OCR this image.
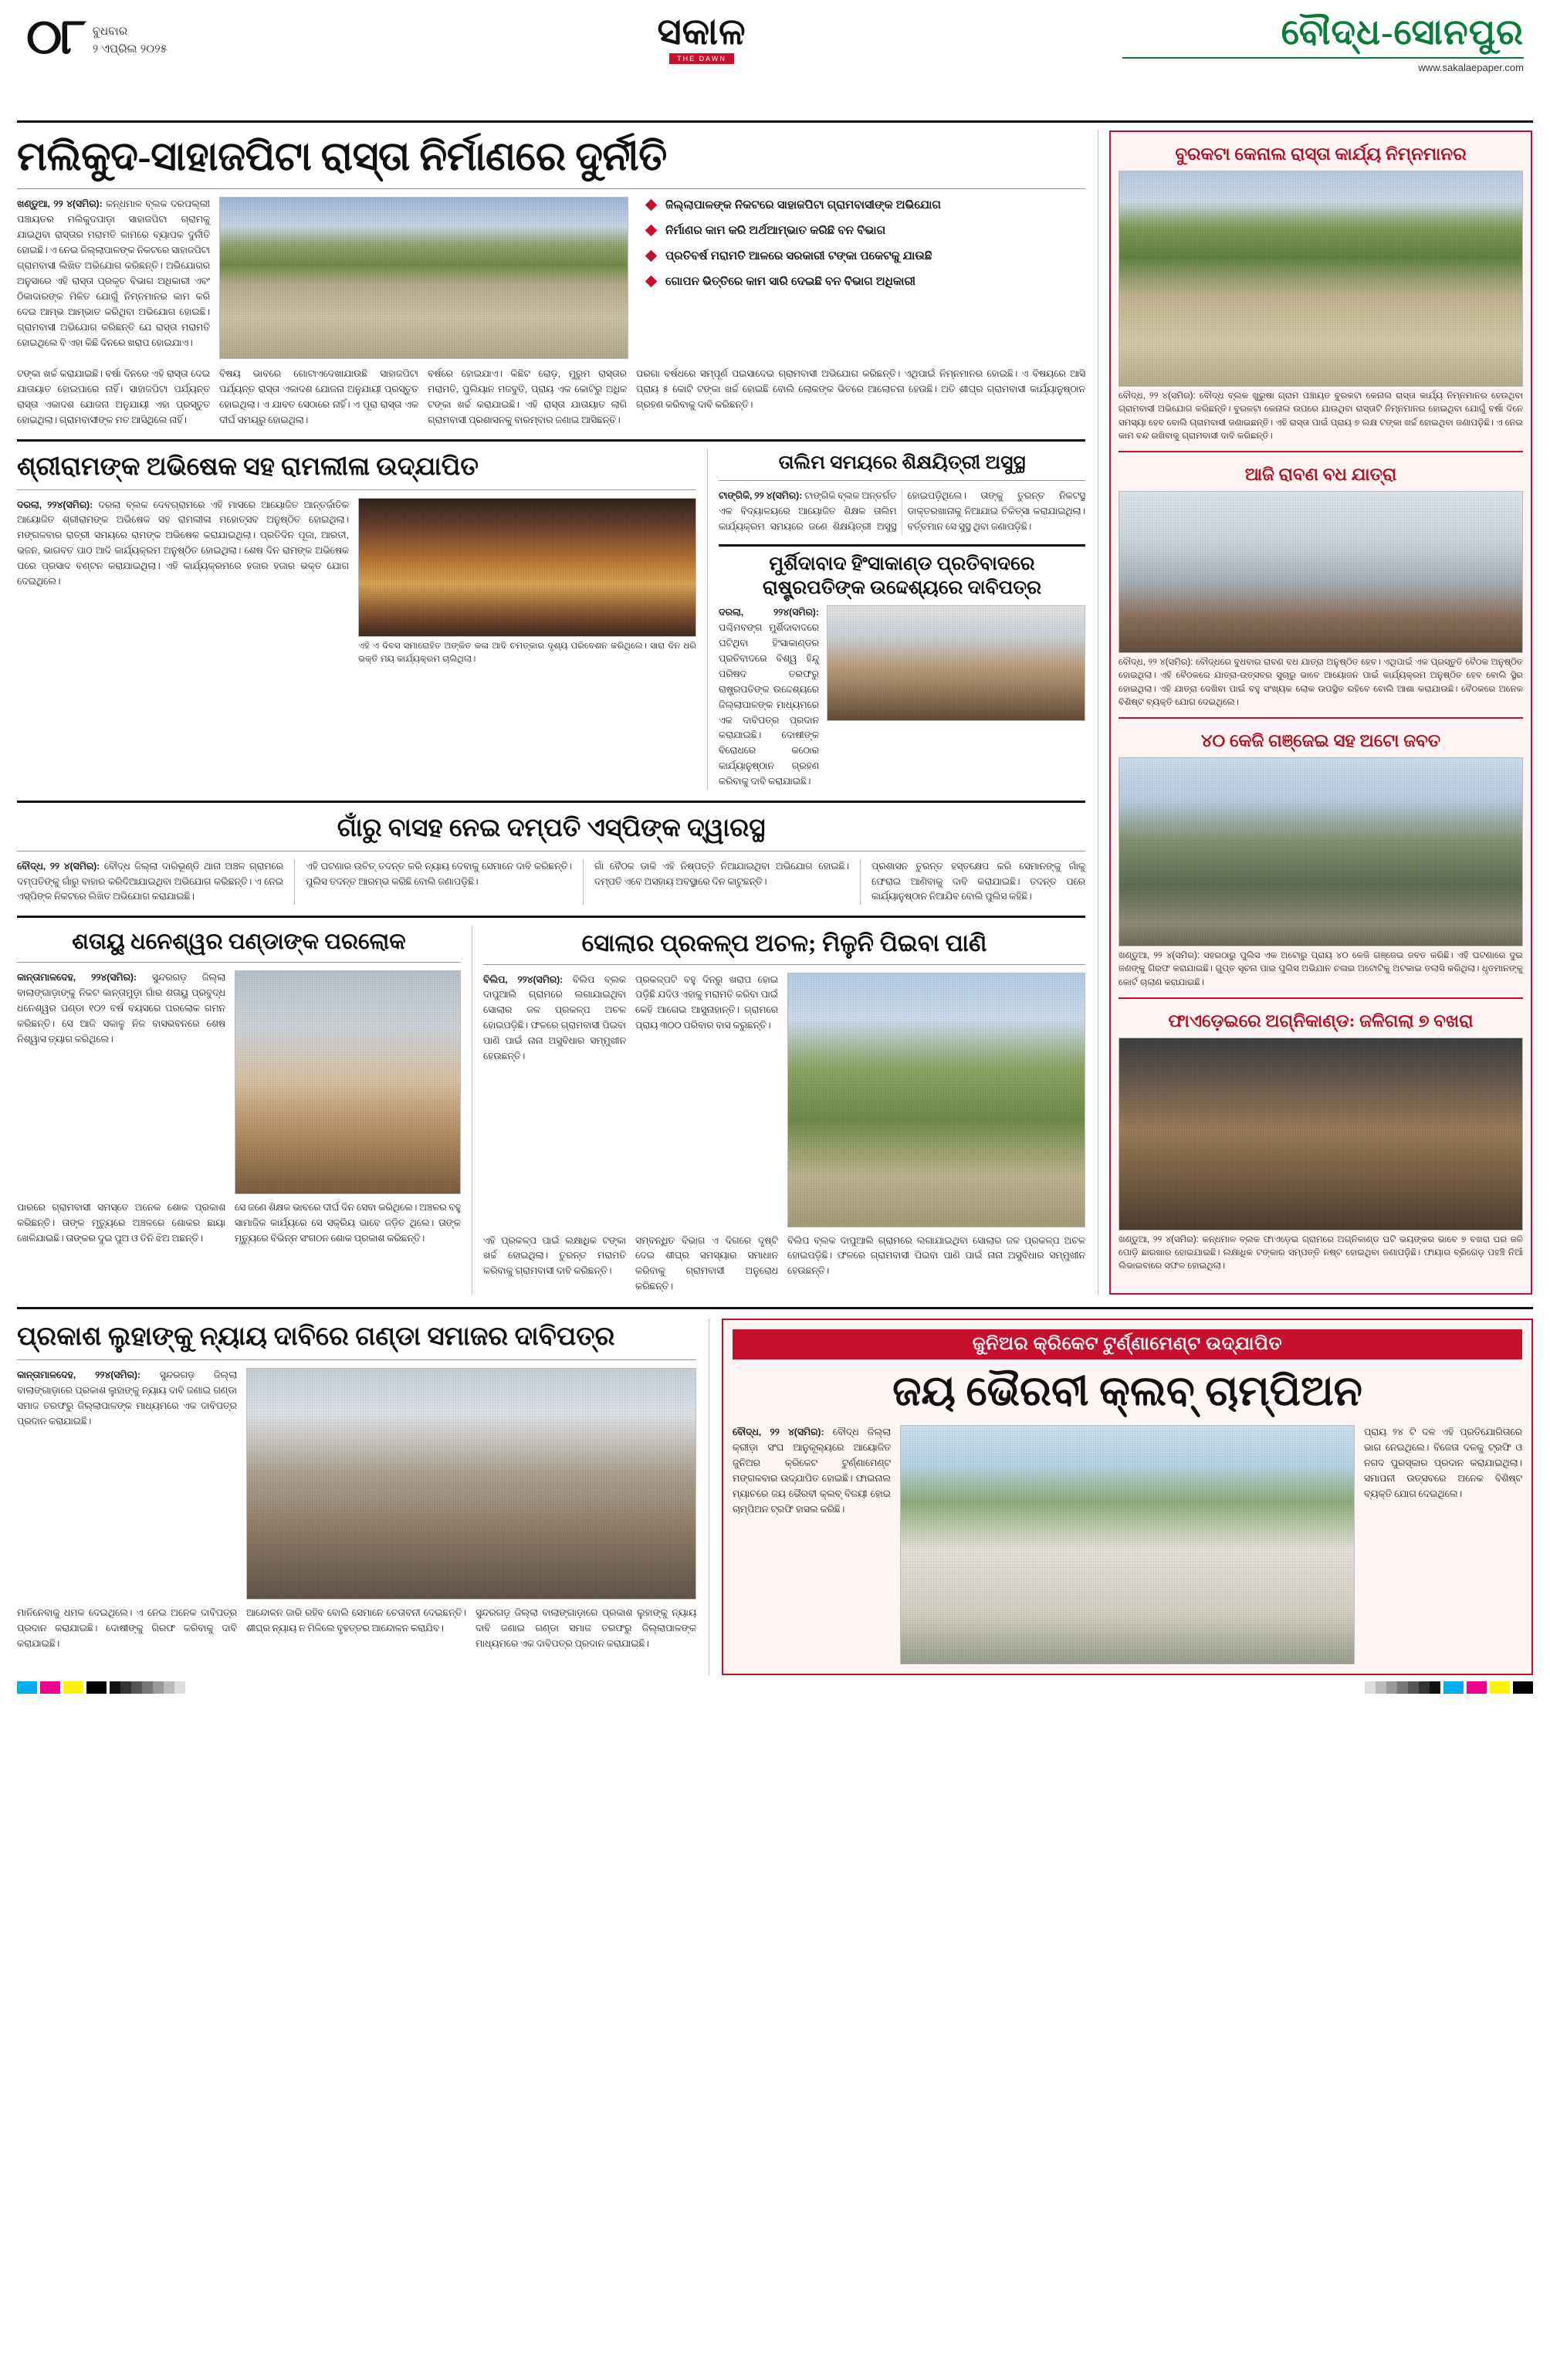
୦୮ ବୁଧବାର
୨ ଏପ୍ରିଲ ୨୦୨୫	ସକାଳ
THE DAWN
ବୌଦ୍ଧ-ସୋନପୁର
www.sakalaepaper.com
ମଲିକୁଦ-ସାହାଜପିଟା ରାସ୍ତା ନିର୍ମାଣରେ ଦୁର୍ନୀତି
ଖଣ୍ଡୁଆ, ୨୨ ୪(ସମିର): କନ୍ଧମାଳ ବ୍ଲକ ଦରପଲ୍ଲୀ ପଞ୍ଚାୟତର ମଲିକୁଦପାଡ଼ା ସାହାଜପିଟା ଗ୍ରାମକୁ ଯାଇଥିବା ରାସ୍ତାର ମରାମତି କାମରେ ବ୍ୟାପକ ଦୁର୍ନୀତି ହୋଇଛି। ଏ ନେଇ ଜିଲ୍ଲାପାଳଙ୍କ ନିକଟରେ ସାହାଜପିଟା ଗ୍ରାମବାସୀ ଲିଖିତ ଅଭିଯୋଗ କରିଛନ୍ତି। ଅଭିଯୋଗର ଅନୁସାରେ ଏହି ରାସ୍ତା ପ୍ରକୃତ ବିଭାଗ ଅଧିକାରୀ ଏବଂ ଠିକାଦାରଙ୍କ ମିଳିତ ଯୋଗୁଁ ନିମ୍ନମାନର କାମ କରି ଦେଇ ଆମ୍ଭ ଆମ୍ଭାତ କରିଥିବା ଅଭିଯୋଗ ହୋଇଛି। ଗ୍ରାମବାସୀ ଅଭିଯୋଗ କରିଛନ୍ତି ଯେ ରାସ୍ତା ମରାମତି ହୋଇଥିଲେ ବି ଏହା କିଛି ଦିନରେ ଖରାପ ହୋଇଯାଏ।
ଜିଲ୍ଲାପାଳଙ୍କ ନିକଟରେ ସାହାଜପିଟା ଗ୍ରାମବାସୀଙ୍କ ଅଭିଯୋଗ
ନିର୍ମାଣର କାମ କରି ଅର୍ଥଆମ୍ଭାତ କରିଛି ବନ ବିଭାଗ
ପ୍ରତିବର୍ଷ ମରାମତି ଆଳରେ ସରକାରୀ ଟଙ୍କା ପକେଟକୁ ଯାଉଛି
ଗୋପନ ଭିତ୍ତିରେ କାମ ସାରି ଦେଇଛି ବନ ବିଭାଗ ଅଧିକାରୀ
ଟଙ୍କା ଖର୍ଚ୍ଚ କରାଯାଇଛି। ବର୍ଷା ଦିନରେ ଏହି ରାସ୍ତା ଦେଇ ଯାତାୟାତ ହୋଇପାରେ ନାହିଁ। ସାହାଜପିଟା ପର୍ଯ୍ୟନ୍ତ ରାସ୍ତା ଏକାଦଶ ଯୋଜନା ଅନୁଯାୟୀ ଏହା ପ୍ରସ୍ତୁତ ହୋଇଥିଲା। ଗ୍ରାମବାସୀଙ୍କ ମତ ଆସିଥିଲେ ନାହିଁ।
ବିଷୟ ଭାବରେ ଗୋଟାଏଦେଖାଯାଉଛି ସାହାଜପିଟା ପର୍ଯ୍ୟନ୍ତ ରାସ୍ତା ଏକାଦଶ ଯୋଜନା ଅନୁଯାୟୀ ପ୍ରସ୍ତୁତ ହୋଇଥିଲା। ଏ ଯାବତ ସେଠାରେ ନାହିଁ। ଏ ପୂରା ରାସ୍ତା ଏକ ଦୀର୍ଘ ସମୟରୁ ହୋଇଥିଲା।
ବର୍ଷରେ ହୋଇଯାଏ। କିଛିଟ ରୋଡ଼, ମୁରୁମ ରାସ୍ତାର ମରାମତି, ପୁଲିୟାନ ମଜବୁତି, ପ୍ରାୟ ଏକ କୋଟିରୁ ଅଧିକ ଟଙ୍କା ଖର୍ଚ୍ଚ କରାଯାଇଛି। ଏହି ରାସ୍ତା ଯାତାୟାତ ଲାଗି ଗ୍ରାମବାସୀ ପ୍ରଶାସନକୁ ବାରମ୍ବାର ଜଣାଇ ଆସିଛନ୍ତି।
ପରଗା ବର୍ଷଧରେ ସମ୍ପୂର୍ଣ ପଇସାଦେଇ ଗ୍ରାମବାସୀ ଅଭିଯୋଗ କରିଛନ୍ତି। ଏଥିପାଇଁ ନିମ୍ନମାନର ହୋଇଛି। ଏ ବିଷୟରେ ଆସି ପ୍ରାୟ ୫ କୋଟି ଟଙ୍କା ଖର୍ଚ୍ଚ ହୋଇଛି ବୋଲି ଲୋକଙ୍କ ଭିତରେ ଆଲୋଚନା ହେଉଛି। ଅତି ଶୀଘ୍ର ଗ୍ରାମବାସୀ କାର୍ଯ୍ୟାନୁଷ୍ଠାନ ଗ୍ରହଣ କରିବାକୁ ଦାବି କରିଛନ୍ତି।
ଶ୍ରୀରାମଙ୍କ ଅଭିଷେକ ସହ ରାମଲୀଳା ଉଦ୍‌ଯାପିତ
ଦରଲା, ୨୨୪(ସମିର): ଦରଲା ବ୍ଲକ ଦେବଗ୍ରାମରେ ଏହି ମାସରେ ଆୟୋଜିତ ଆନ୍ତର୍ଜାତିକ ଆୟୋଜିତ ଶ୍ରୀରାମଙ୍କ ଅଭିଷେକ ସହ ରାମଲୀଳା ମହୋତ୍ସବ ଅନୁଷ୍ଠିତ ହୋଇଥିଲା। ମଙ୍ଗଳବାର ରାତ୍ରୀ ସମୟରେ ରାମଙ୍କ ଅଭିଷେକ କରାଯାଇଥିଲା। ପ୍ରତିଦିନ ପୂଜା, ଆରତୀ, ଭଜନ, ଭାଗବତ ପାଠ ଆଦି କାର୍ଯ୍ୟକ୍ରମ ଅନୁଷ୍ଠିତ ହୋଇଥିଲା। ଶେଷ ଦିନ ରାମଙ୍କ ଅଭିଷେକ ପରେ ପ୍ରସାଦ ବଣ୍ଟନ କରାଯାଇଥିଲା। ଏହି କାର୍ଯ୍ୟକ୍ରମରେ ହଜାର ହଜାର ଭକ୍ତ ଯୋଗ ଦେଇଥିଲେ।
ଏହି ଏ ଦିବସ ସମାରୋହିତ ଅଙ୍କିତ କଳା ଆଦି ଚମତ୍କାର ଦୃଶ୍ୟ ପରିବେଶନ କରିଥିଲେ। ସାରା ଦିନ ଧରି ଭକ୍ତି ମୟ କାର୍ଯ୍ୟକ୍ରମ ଚାଲିଥିଲା।
ତାଲିମ ସମୟରେ ଶିକ୍ଷୟିତ୍ରୀ ଅସୁସ୍ଥ
ଟାଙ୍ଗିକି, ୨୨ ୪(ସମିର): ଟାଙ୍ଗିକି ବ୍ଲକ ଅନ୍ତର୍ଗତ ଏକ ବିଦ୍ୟାଳୟରେ ଆୟୋଜିତ ଶିକ୍ଷକ ତାଲିମ କାର୍ଯ୍ୟକ୍ରମ ସମୟରେ ଜଣେ ଶିକ୍ଷୟିତ୍ରୀ ଅସୁସ୍ଥ ହୋଇପଡ଼ିଥିଲେ। ତାଙ୍କୁ ତୁରନ୍ତ ନିକଟସ୍ଥ ଡାକ୍ତରଖାନାକୁ ନିଆଯାଇ ଚିକିତ୍ସା କରାଯାଇଥିଲା। ବର୍ତ୍ତମାନ ସେ ସୁସ୍ଥ ଥିବା ଜଣାପଡ଼ିଛି।
ମୁର୍ଶିଦାବାଦ ହିଂସାକାଣ୍ଡ ପ୍ରତିବାଦରେ ରାଷ୍ଟ୍ରପତିଙ୍କ ଉଦ୍ଦେଶ୍ୟରେ ଦାବିପତ୍ର
ଦରଲା, ୨୨୪(ସମିର): ପଶ୍ଚିମବଙ୍ଗ ମୁର୍ଶିଦାବାଦରେ ଘଟିଥିବା ହିଂସାକାଣ୍ଡର ପ୍ରତିବାଦରେ ବିଶ୍ୱ ହିନ୍ଦୁ ପରିଷଦ ତରଫରୁ ରାଷ୍ଟ୍ରପତିଙ୍କ ଉଦ୍ଦେଶ୍ୟରେ ଜିଲ୍ଲାପାଳଙ୍କ ମାଧ୍ୟମରେ ଏକ ଦାବିପତ୍ର ପ୍ରଦାନ କରାଯାଇଛି। ଦୋଷୀଙ୍କ ବିରୋଧରେ କଠୋର କାର୍ଯ୍ୟାନୁଷ୍ଠାନ ଗ୍ରହଣ କରିବାକୁ ଦାବି କରାଯାଇଛି।
ଗାଁରୁ ବାସହ ନେଇ ଦମ୍ପତି ଏସ୍‌ପିଙ୍କ ଦ୍ୱାରସ୍ଥ
ବୌଦ୍ଧ, ୨୨ ୪(ସମିର): ବୌଦ୍ଧ ଜିଲ୍ଲା ଦାରିଭୂଣ୍ଡି ଥାନା ଅଞ୍ଚଳ ଗ୍ରାମରେ ଦମ୍ପତିଙ୍କୁ ଗାଁରୁ ବାହାର କରିଦିଆଯାଇଥିବା ଅଭିଯୋଗ କରିଛନ୍ତି। ଏ ନେଇ ଏସ୍‌ପିଙ୍କ ନିକଟରେ ଲିଖିତ ଅଭିଯୋଗ କରାଯାଇଛି।
ଏହି ଘଟଣାର ଉଚିତ୍ ତଦନ୍ତ କରି ନ୍ୟାୟ ଦେବାକୁ ସେମାନେ ଦାବି କରିଛନ୍ତି। ପୁଲିସ ତଦନ୍ତ ଆରମ୍ଭ କରିଛି ବୋଲି ଜଣାପଡ଼ିଛି।
ଗାଁ ବୈଠକ ଡାକି ଏହି ନିଷ୍ପତ୍ତି ନିଆଯାଇଥିବା ଅଭିଯୋଗ ହୋଇଛି। ଦମ୍ପତି ଏବେ ଅସହାୟ ଅବସ୍ଥାରେ ଦିନ କାଟୁଛନ୍ତି।
ପ୍ରଶାସନ ତୁରନ୍ତ ହସ୍ତକ୍ଷେପ କରି ସେମାନଙ୍କୁ ଗାଁକୁ ଫେରାଇ ଆଣିବାକୁ ଦାବି କରାଯାଇଛି। ତଦନ୍ତ ପରେ କାର୍ଯ୍ୟାନୁଷ୍ଠାନ ନିଆଯିବ ବୋଲି ପୁଲିସ କହିଛି।
ଶତାୟୁ ଧନେଶ୍ୱର ପଣ୍ଡାଙ୍କ ପରଲୋକ
କାନ୍ତାମାଳଦେହ, ୨୨୪(ସମିର): ସୁନ୍ଦରଗଡ଼ ଜିଲ୍ଲା ବାଲାଙ୍ଗାଡ଼ାଙ୍କୁ ନିକଟ କାନ୍ତାମୁଡ଼ା ଗାଁର ଶତାୟୁ ପ୍ରବୁଦ୍ଧ ଧନେଶ୍ୱର ପଣ୍ଡା ୧୦୨ ବର୍ଷ ବୟସରେ ପରଲୋକ ଗମନ କରିଛନ୍ତି। ସେ ଆଜି ସକାଳୁ ନିଜ ବାସଭବନରେ ଶେଷ ନିଶ୍ୱାସ ତ୍ୟାଗ କରିଥିଲେ।
ପାରରେ ଗ୍ରାମବାସୀ ସମସ୍ତେ ଅନେକ ଶୋକ ପ୍ରକାଶ କରିଛନ୍ତି। ତାଙ୍କ ମୃତ୍ୟୁରେ ଅଞ୍ଚଳରେ ଶୋକର ଛାୟା ଖେଳିଯାଇଛି। ତାଙ୍କର ଦୁଇ ପୁଅ ଓ ତିନି ଝିଅ ଅଛନ୍ତି।
ସେ ଜଣେ ଶିକ୍ଷକ ଭାବରେ ଦୀର୍ଘ ଦିନ ସେବା କରିଥିଲେ। ଅଞ୍ଚଳର ବହୁ ସାମାଜିକ କାର୍ଯ୍ୟରେ ସେ ସକ୍ରିୟ ଭାବେ ଜଡ଼ିତ ଥିଲେ। ତାଙ୍କ ମୃତ୍ୟୁରେ ବିଭିନ୍ନ ସଂଗଠନ ଶୋକ ପ୍ରକାଶ କରିଛନ୍ତି।
ସୋଲାର ପ୍ରକଳ୍ପ ଅଚଳ; ମିଳୁନି ପିଇବା ପାଣି
ବିଲିପ, ୨୨୪(ସମିର): ବିଲିପ ବ୍ଲକ ଦାପୁଆଲି ଗ୍ରାମରେ ଲଗାଯାଇଥିବା ସୋଲାର ଜଳ ପ୍ରକଳ୍ପ ଅଚଳ ହୋଇପଡ଼ିଛି। ଫଳରେ ଗ୍ରାମବାସୀ ପିଇବା ପାଣି ପାଇଁ ନାନା ଅସୁବିଧାର ସମ୍ମୁଖୀନ ହେଉଛନ୍ତି।
ପ୍ରକଳ୍ପଟି ବହୁ ଦିନରୁ ଖରାପ ହୋଇ ପଡ଼ିଛି ଯଦିଓ ଏହାକୁ ମରାମତି କରିବା ପାଇଁ କେହି ଆଗେଇ ଆସୁନାହାନ୍ତି। ଗ୍ରାମରେ ପ୍ରାୟ ୩୦୦ ପରିବାର ବାସ କରୁଛନ୍ତି।
ଏହି ପ୍ରକଳ୍ପ ପାଇଁ ଲକ୍ଷାଧିକ ଟଙ୍କା ଖର୍ଚ୍ଚ ହୋଇଥିଲା। ତୁରନ୍ତ ମରାମତି କରିବାକୁ ଗ୍ରାମବାସୀ ଦାବି କରିଛନ୍ତି।
ସମ୍ବନ୍ଧିତ ବିଭାଗ ଏ ଦିଗରେ ଦୃଷ୍ଟି ଦେଇ ଶୀଘ୍ର ସମସ୍ୟାର ସମାଧାନ କରିବାକୁ ଗ୍ରାମବାସୀ ଅନୁରୋଧ କରିଛନ୍ତି।
ବିଲିପ ବ୍ଲକ ଦାପୁଆଲି ଗ୍ରାମରେ ଲଗାଯାଇଥିବା ସୋଲାର ଜଳ ପ୍ରକଳ୍ପ ଅଚଳ ହୋଇପଡ଼ିଛି। ଫଳରେ ଗ୍ରାମବାସୀ ପିଇବା ପାଣି ପାଇଁ ନାନା ଅସୁବିଧାର ସମ୍ମୁଖୀନ ହେଉଛନ୍ତି।
ବୁରକଟା କେନାଲ ରାସ୍ତା କାର୍ଯ୍ୟ ନିମ୍ନମାନର
ବୌଦ୍ଧ, ୨୨ ୪(ସମିର): ବୌଦ୍ଧ ବ୍ଲକ ଖୁରୁଷା ଗ୍ରାମ ପଞ୍ଚାୟତ ବୁରକଟା କେନାଲ ରାସ୍ତା କାର୍ଯ୍ୟ ନିମ୍ନମାନର ହେଉଥିବା ଗ୍ରାମବାସୀ ଅଭିଯୋଗ କରିଛନ୍ତି। ବୁରକଟା କେନାଲ ଉପରେ ଯାଉଥିବା ରାସ୍ତାଟି ନିମ୍ନମାନର ହୋଇଥିବା ଯୋଗୁଁ ବର୍ଷା ଦିନେ ସମସ୍ୟା ହେବ ବୋଲି ଗ୍ରାମବାସୀ ଜଣାଇଛନ୍ତି। ଏହି ରାସ୍ତା ପାଇଁ ପ୍ରାୟ ୭ ଲକ୍ଷ ଟଙ୍କା ଖର୍ଚ୍ଚ ହୋଇଥିବା ଜଣାପଡ଼ିଛି। ଏ ନେଇ କାମ ବନ୍ଦ ରଖିବାକୁ ଗ୍ରାମବାସୀ ଦାବି କରିଛନ୍ତି।
ଆଜି ରାବଣ ବଧ ଯାତ୍ରା
ବୌଦ୍ଧ, ୨୨ ୪(ସମିର): ବୌଦ୍ଧରେ ବୁଧବାର ରାବଣ ବଧ ଯାତ୍ରା ଅନୁଷ୍ଠିତ ହେବ। ଏଥିପାଇଁ ଏକ ପ୍ରସ୍ତୁତି ବୈଠକ ଅନୁଷ୍ଠିତ ହୋଇଥିଲା। ଏହି ବୈଠକରେ ଯାତ୍ରା-ଉତ୍ସବର ସୁଚାରୁ ଭାବେ ଆୟୋଜନ ପାଇଁ କାର୍ଯ୍ୟକ୍ରମ ଅନୁଷ୍ଠିତ ହେବ ବୋଲି ସ୍ଥିର ହୋଇଥିଲା। ଏହି ଯାତ୍ରା ଦେଖିବା ପାଇଁ ବହୁ ସଂଖ୍ୟକ ଲୋକ ଉପସ୍ଥିତ ରହିବେ ବୋଲି ଆଶା କରାଯାଉଛି। ବୈଠକରେ ଅନେକ ବିଶିଷ୍ଟ ବ୍ୟକ୍ତି ଯୋଗ ଦେଇଥିଲେ।
୪୦ କେଜି ଗଞ୍ଜେଇ ସହ ଅଟୋ ଜବତ
ଖଣ୍ଡୁଆ, ୨୨ ୪(ସମିର): ସହରଠାରୁ ପୁଲିସ ଏକ ଅଟୋରୁ ପ୍ରାୟ ୪୦ କେଜି ଗଞ୍ଜେଇ ଜବତ କରିଛି। ଏହି ଘଟଣାରେ ଦୁଇ ଜଣଙ୍କୁ ଗିରଫ କରାଯାଇଛି। ଗୁପ୍ତ ସୂଚନା ପାଇ ପୁଲିସ ଅଭିଯାନ ଚଳାଇ ଅଟୋଟିକୁ ଅଟକାଇ ତଲାସି କରିଥିଲା। ଧୃତମାନଙ୍କୁ କୋର୍ଟ ଚାଲାଣ କରାଯାଇଛି।
ଫାଏଡ଼େଇରେ ଅଗ୍ନିକାଣ୍ଡ: ଜଳିଗଲା ୭ ବଖରା
ଖଣ୍ଡୁଆ, ୨୨ ୪(ସମିର): କନ୍ଧମାଳ ବ୍ଲକ ଫାଏଡ଼େଇ ଗ୍ରାମରେ ଅଗ୍ନିକାଣ୍ଡ ଘଟି ଭୟଙ୍କର ଭାବେ ୭ ବଖରା ଘର ଜଳି ପୋଡ଼ି ଛାରଖାର ହୋଇଯାଇଛି। ଲକ୍ଷାଧିକ ଟଙ୍କାର ସମ୍ପତ୍ତି ନଷ୍ଟ ହୋଇଥିବା ଜଣାପଡ଼ିଛି। ଫାୟାର ବ୍ରିଗେଡ଼ ପହଞ୍ଚି ନିଆଁ ଲିଭାଇବାରେ ସଫଳ ହୋଇଥିଲା।
ପ୍ରକାଶ ଲୁହାଙ୍କୁ ନ୍ୟାୟ ଦାବିରେ ଗଣ୍ଡା ସମାଜର ଦାବିପତ୍ର
କାନ୍ତାମାଳଦେହ, ୨୨୪(ସମିର): ସୁନ୍ଦରଗଡ଼ ଜିଲ୍ଲା ବାଲାଙ୍ଗାଡ଼ାରେ ପ୍ରକାଶ ଲୁହାଙ୍କୁ ନ୍ୟାୟ ଦାବି ଜଣାଇ ଗଣ୍ଡା ସମାଜ ତରଫରୁ ଜିଲ୍ଲାପାଳଙ୍କ ମାଧ୍ୟମରେ ଏକ ଦାବିପତ୍ର ପ୍ରଦାନ କରାଯାଇଛି।
ମାନିନେବାକୁ ଧମକ ଦେଇଥିଲେ। ଏ ନେଇ ଅନେକ ଦାବିପତ୍ର ପ୍ରଦାନ କରାଯାଇଛି। ଦୋଷୀଙ୍କୁ ଗିରଫ କରିବାକୁ ଦାବି କରାଯାଇଛି।
ଆନ୍ଦୋଳନ ଜାରି ରହିବ ବୋଲି ସେମାନେ ଚେତାବନୀ ଦେଇଛନ୍ତି। ଶୀଘ୍ର ନ୍ୟାୟ ନ ମିଳିଲେ ବୃହତ୍ତର ଆନ୍ଦୋଳନ କରାଯିବ।
ସୁନ୍ଦରଗଡ଼ ଜିଲ୍ଲା ବାଲାଙ୍ଗାଡ଼ାରେ ପ୍ରକାଶ ଲୁହାଙ୍କୁ ନ୍ୟାୟ ଦାବି ଜଣାଇ ଗଣ୍ଡା ସମାଜ ତରଫରୁ ଜିଲ୍ଲାପାଳଙ୍କ ମାଧ୍ୟମରେ ଏକ ଦାବିପତ୍ର ପ୍ରଦାନ କରାଯାଇଛି।
ଜୁନିଅର କ୍ରିକେଟ ଟୁର୍ଣ୍ଣାମେଣ୍ଟ ଉଦ୍‌ଯାପିତ
ଜୟ ଭୈରବୀ କ୍ଲବ୍ ଚାମ୍ପିଅନ
ବୌଦ୍ଧ, ୨୨ ୪(ସମିର): ବୌଦ୍ଧ ଜିଲ୍ଲା କ୍ରୀଡ଼ା ସଂଘ ଆନୁକୂଲ୍ୟରେ ଆୟୋଜିତ ଜୁନିଅର କ୍ରିକେଟ ଟୁର୍ଣ୍ଣାମେଣ୍ଟ ମଙ୍ଗଳବାର ଉଦ୍‌ଯାପିତ ହୋଇଛି। ଫାଇନାଲ ମ୍ୟାଚରେ ଜୟ ଭୈରବୀ କ୍ଲବ୍ ବିଜୟୀ ହୋଇ ଚାମ୍ପିଅନ ଟ୍ରଫି ହାସଲ କରିଛି।
ପ୍ରାୟ ୨୪ ଟି ଦଳ ଏହି ପ୍ରତିଯୋଗିତାରେ ଭାଗ ନେଇଥିଲେ। ବିଜେତା ଦଳକୁ ଟ୍ରଫି ଓ ନଗଦ ପୁରସ୍କାର ପ୍ରଦାନ କରାଯାଇଥିଲା। ସମାପନୀ ଉତ୍ସବରେ ଅନେକ ବିଶିଷ୍ଟ ବ୍ୟକ୍ତି ଯୋଗ ଦେଇଥିଲେ।
